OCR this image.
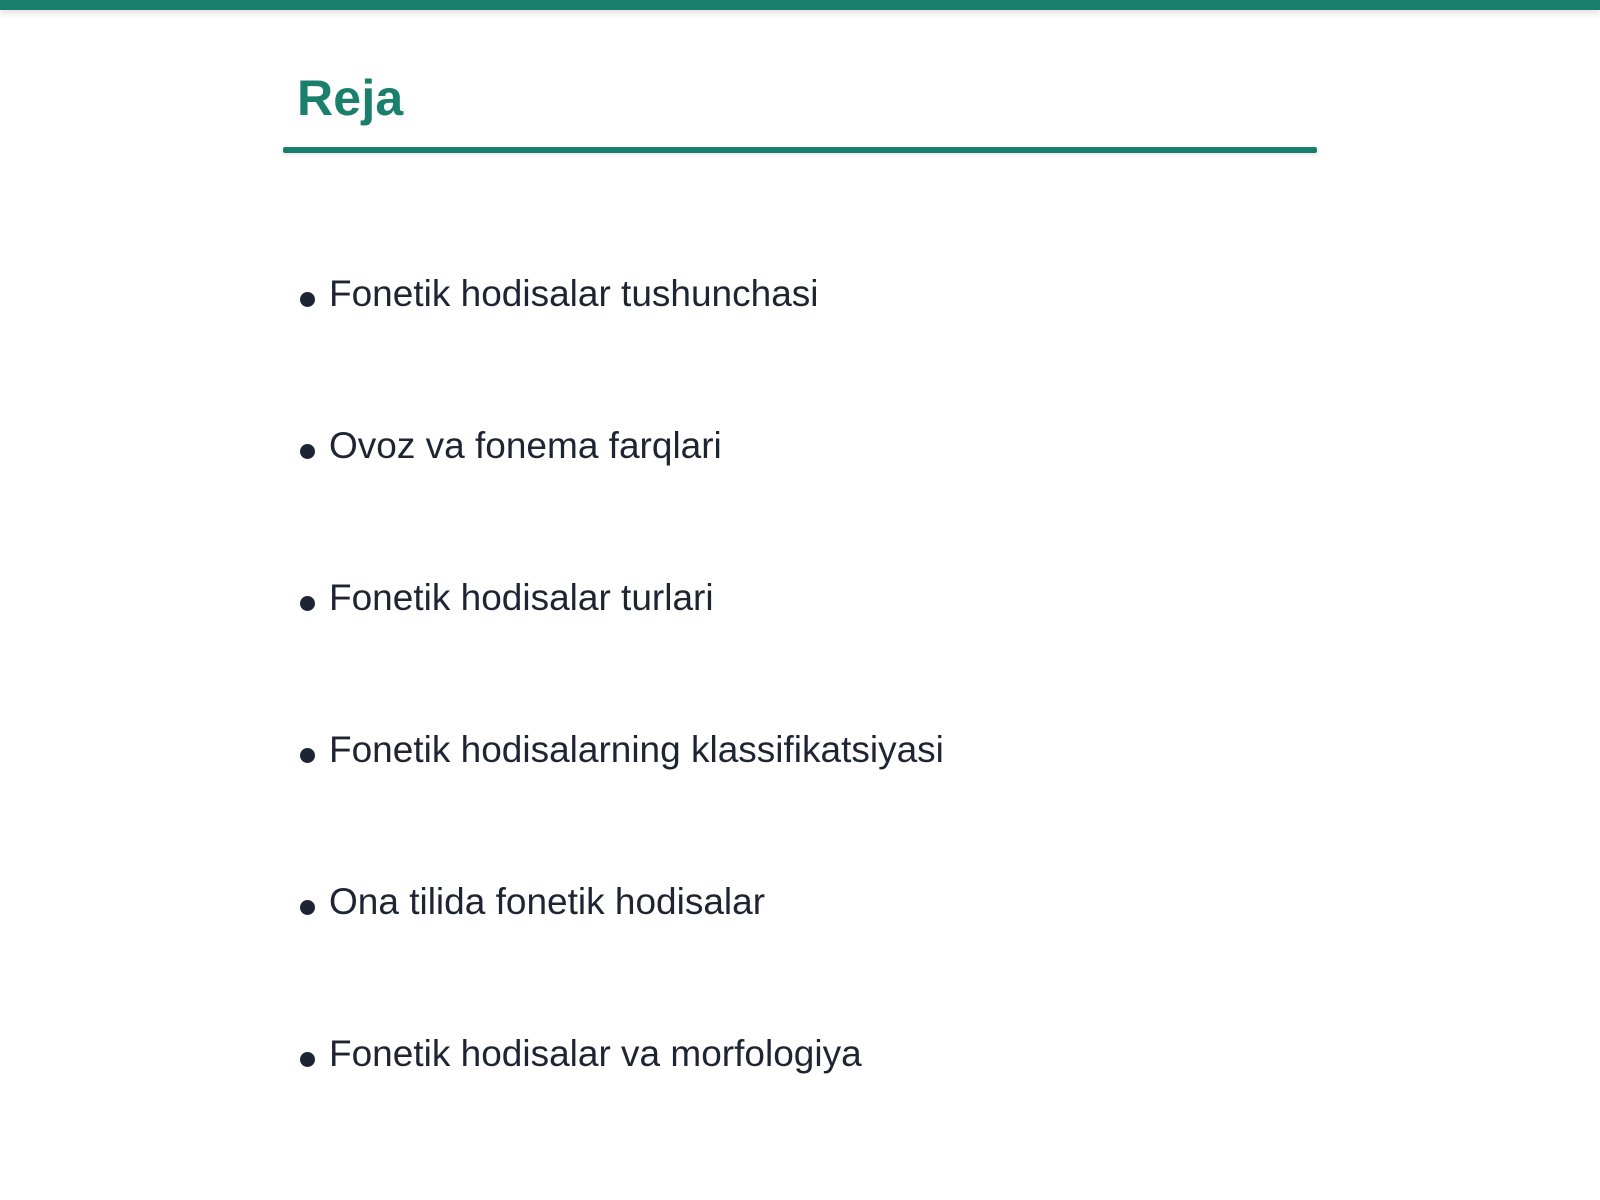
Reja
Fonetik hodisalar tushunchasi
Ovoz va fonema farqlari
Fonetik hodisalar turlari
Fonetik hodisalarning klassifikatsiyasi
Ona tilida fonetik hodisalar
Fonetik hodisalar va morfologiya
